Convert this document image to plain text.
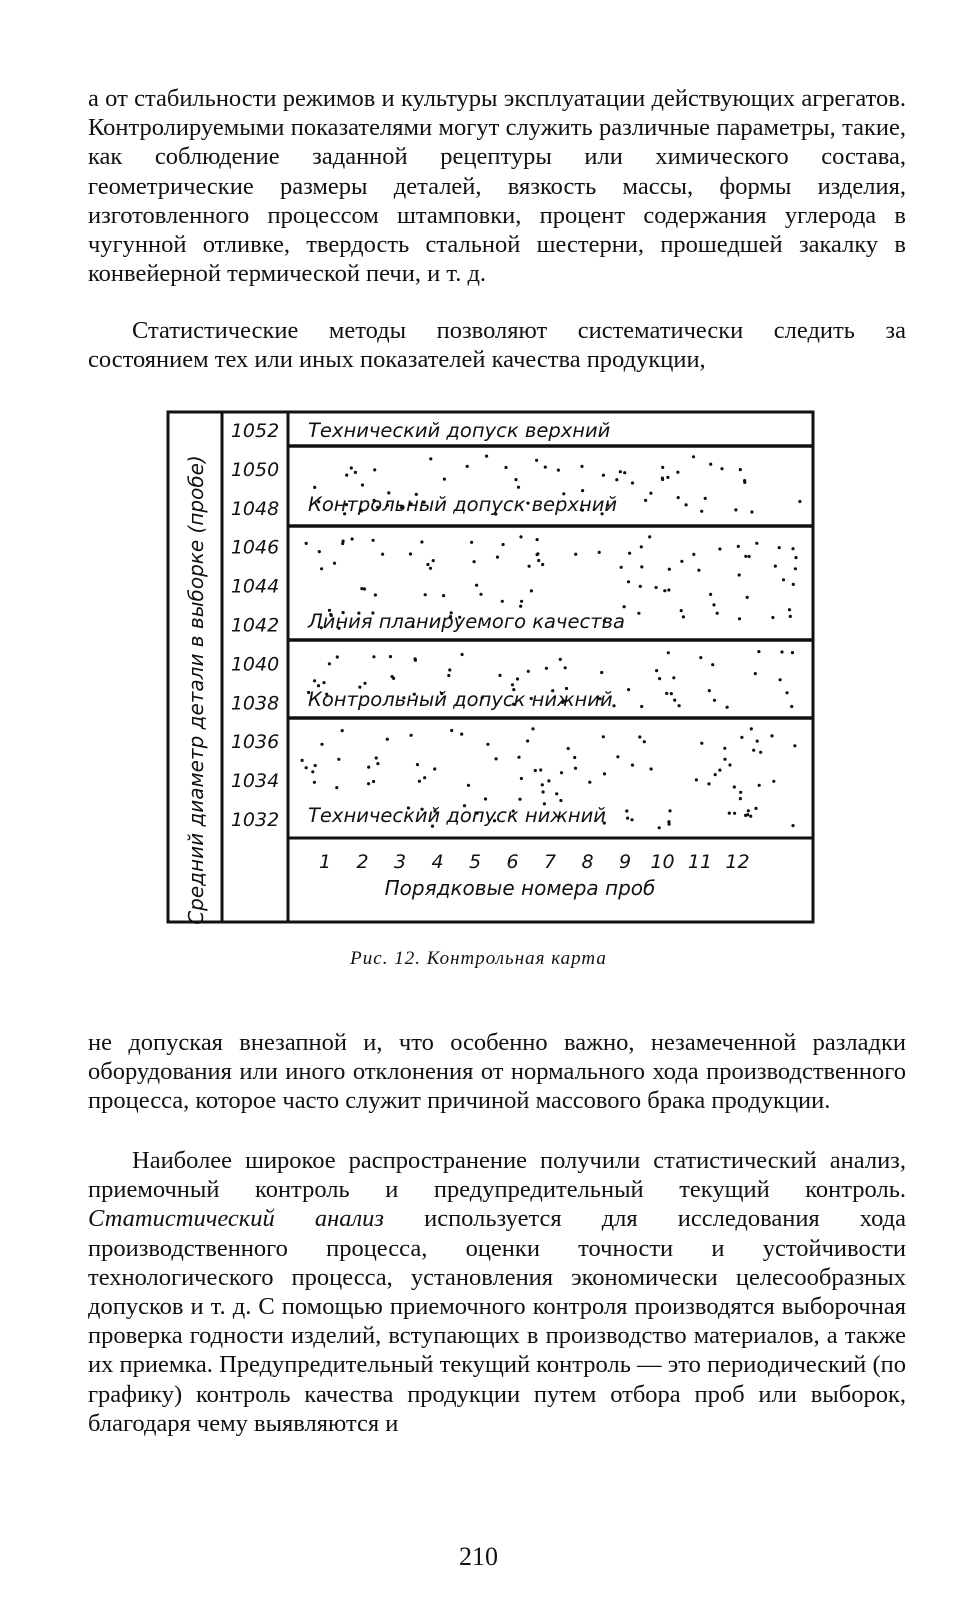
а от стабильности режимов и культуры эксплуатации действующих агрегатов. Контролируемыми показателями могут служить различные параметры, такие, как соблюдение заданной рецептуры или химического состава, геометрические размеры деталей, вязкость массы, формы изделия, изготовленного процессом штамповки, процент содержания углерода в чугунной отливке, твердость стальной шестерни, прошедшей закалку в конвейерной термической печи, и т. д.

Статистические методы позволяют систематически следить за состоянием тех или иных показателей качества продукции,

1052
1050
1048
1046
1044
1042
1040
1038
1036
1034
1032
1 2 3 4 5 6 7 8 9 10 11 12
Порядковые номера проб
Средний диаметр детали в выборке (пробе)
Технический допуск верхний
Контрольный допуск верхний
Линия планируемого качества
Контрольный допуск нижний
Технический допуск нижний
Рис. 12. Контрольная карта

не допуская внезапной и, что особенно важно, незамеченной разладки оборудования или иного отклонения от нормального хода производственного процесса, которое часто служит причиной массового брака продукции.

Наиболее широкое распространение получили статистический анализ, приемочный контроль и предупредительный текущий контроль. Статистический анализ используется для исследования хода производственного процесса, оценки точности и устойчивости технологического процесса, установления экономически целесообразных допусков и т. д. С помощью приемочного контроля производятся выборочная проверка годности изделий, вступающих в производство материалов, а также их приемка. Предупредительный текущий контроль — это периодический (по графику) контроль качества продукции путем отбора проб или выборок, благодаря чему выявляются и

210
